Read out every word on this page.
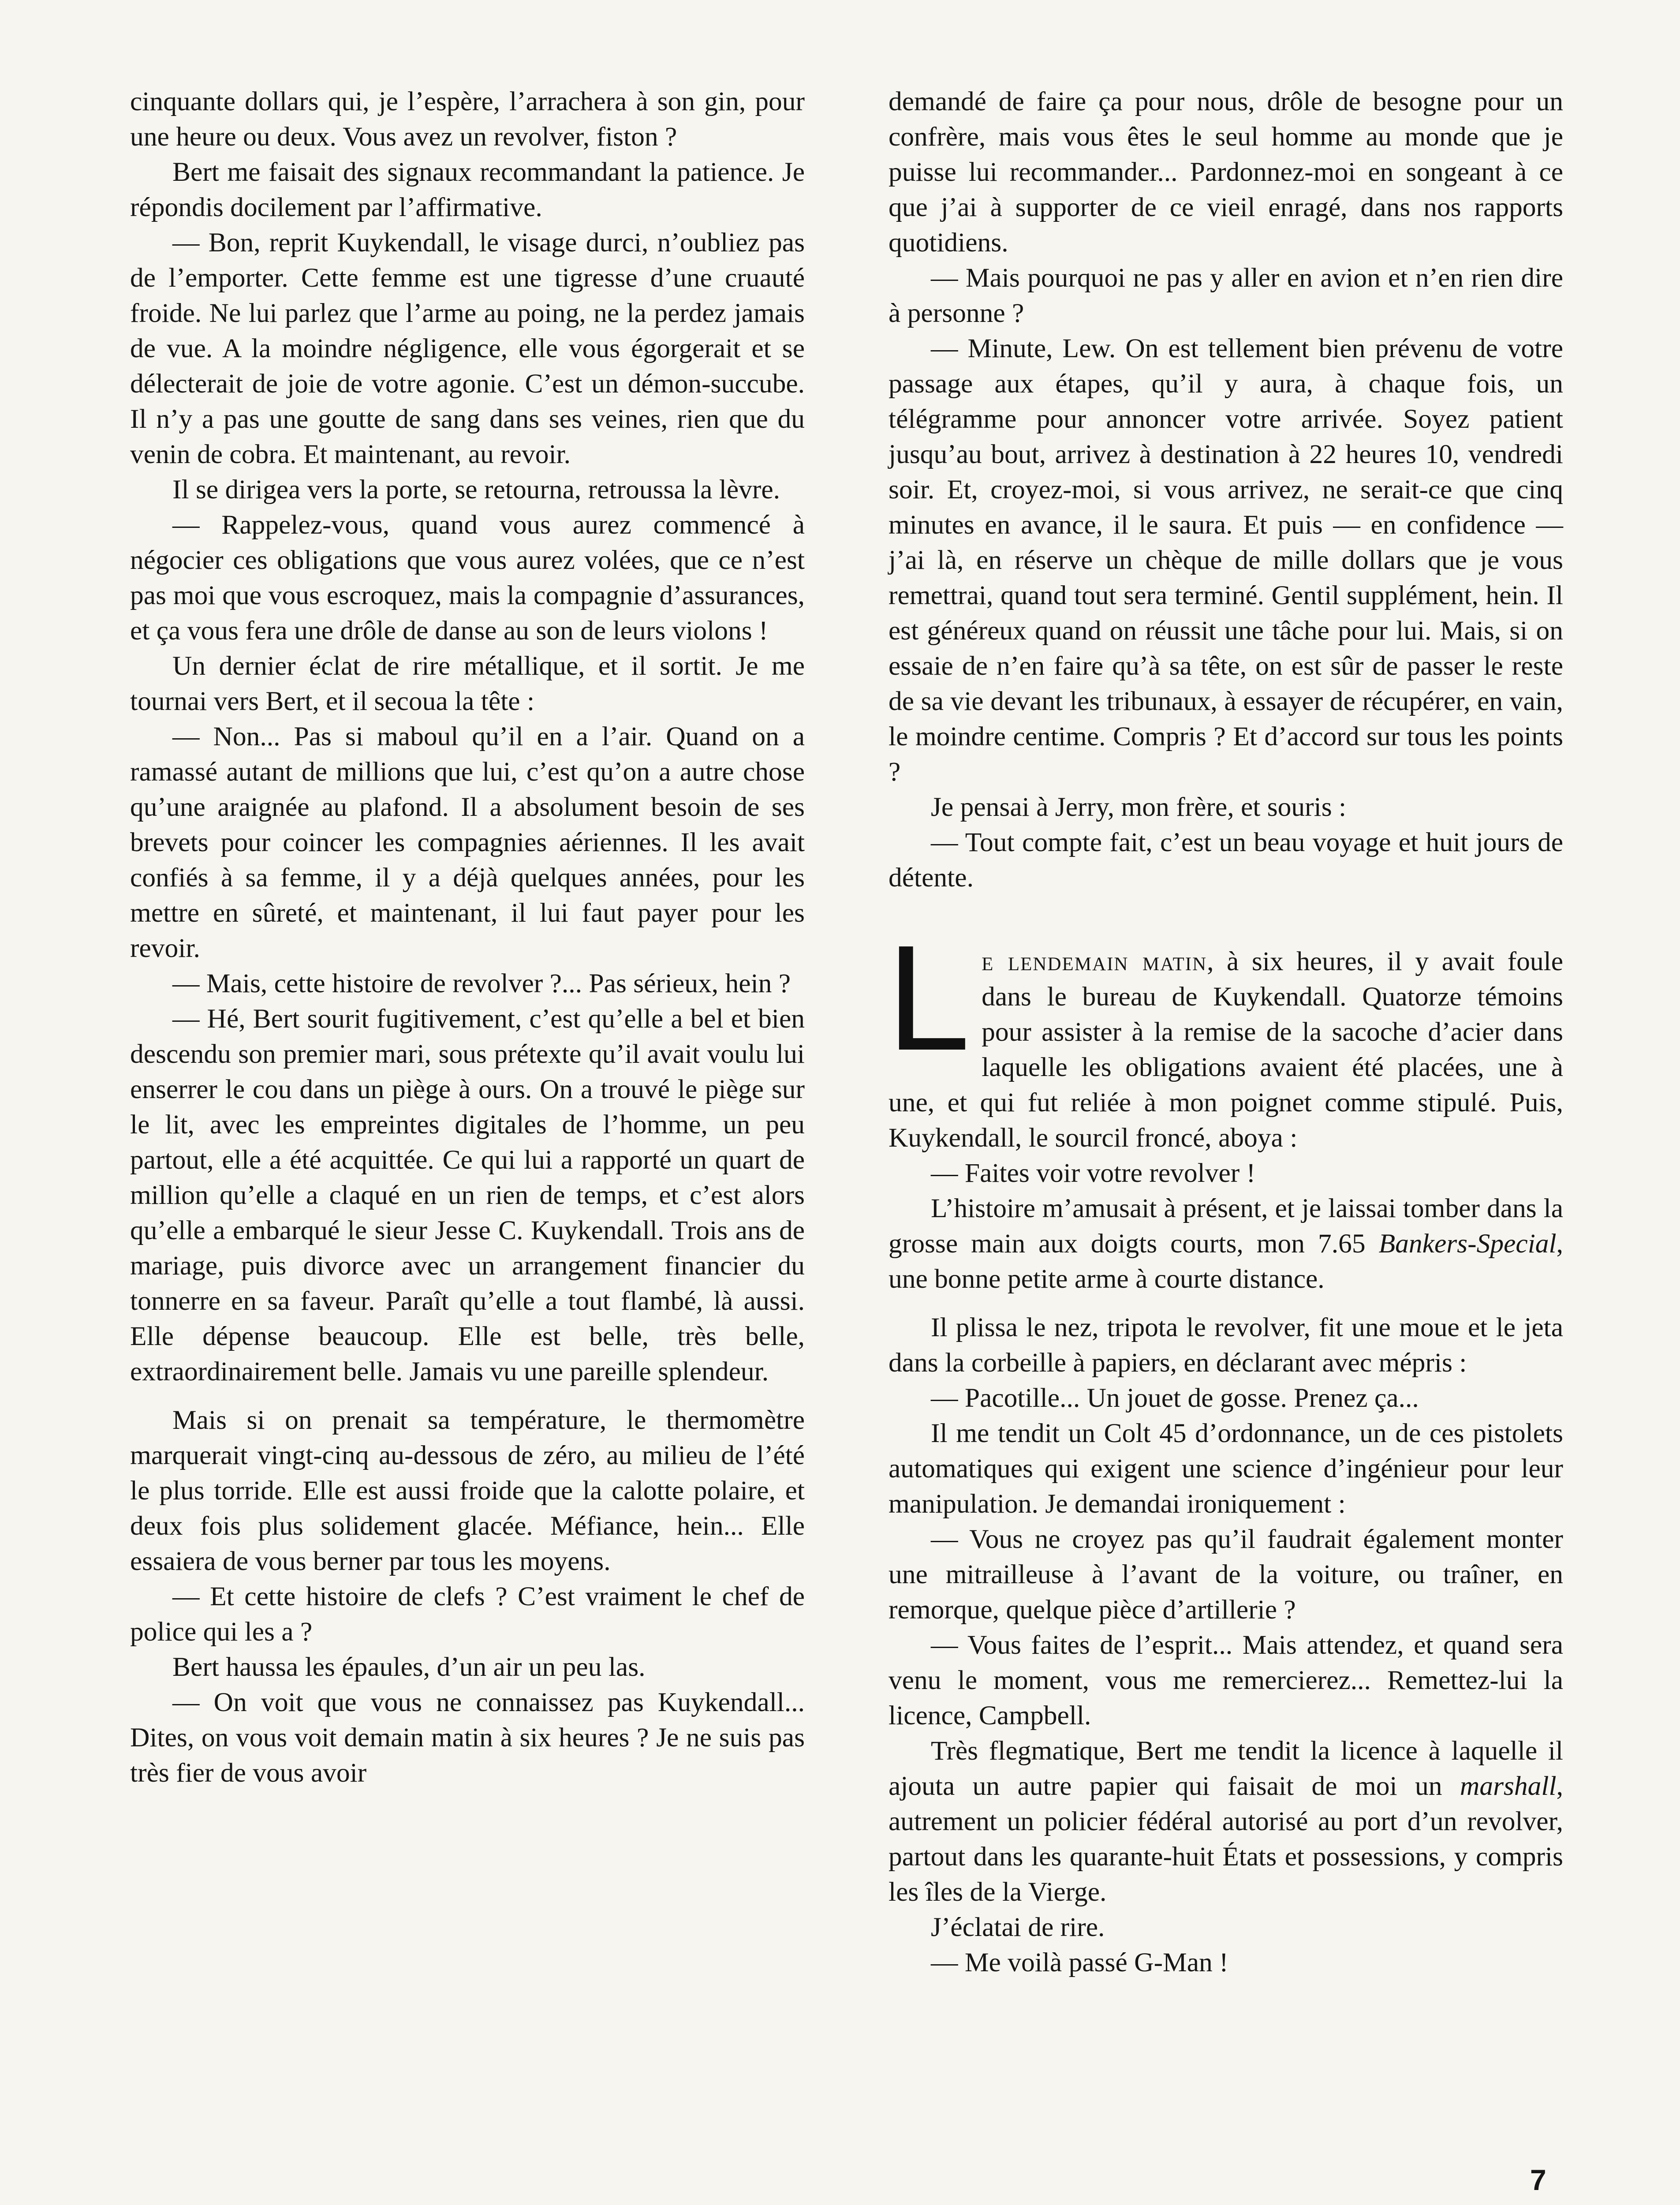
cinquante dollars qui, je l’espère, l’arrachera à son gin, pour une heure ou deux. Vous avez un revolver, fiston ?

Bert me faisait des signaux recommandant la patience. Je répondis docilement par l’affirmative.

— Bon, reprit Kuykendall, le visage durci, n’oubliez pas de l’emporter. Cette femme est une tigresse d’une cruauté froide. Ne lui parlez que l’arme au poing, ne la perdez jamais de vue. A la moindre négligence, elle vous égorgerait et se délecterait de joie de votre agonie. C’est un démon-succube. Il n’y a pas une goutte de sang dans ses veines, rien que du venin de cobra. Et maintenant, au revoir.

Il se dirigea vers la porte, se retourna, retroussa la lèvre.

— Rappelez-vous, quand vous aurez commencé à négocier ces obligations que vous aurez volées, que ce n’est pas moi que vous escroquez, mais la compagnie d’assurances, et ça vous fera une drôle de danse au son de leurs violons !

Un dernier éclat de rire métallique, et il sortit. Je me tournai vers Bert, et il secoua la tête :

— Non... Pas si maboul qu’il en a l’air. Quand on a ramassé autant de millions que lui, c’est qu’on a autre chose qu’une araignée au plafond. Il a absolument besoin de ses brevets pour coincer les compagnies aériennes. Il les avait confiés à sa femme, il y a déjà quelques années, pour les mettre en sûreté, et maintenant, il lui faut payer pour les revoir.

— Mais, cette histoire de revolver ?... Pas sérieux, hein ?

— Hé, Bert sourit fugitivement, c’est qu’elle a bel et bien descendu son premier mari, sous prétexte qu’il avait voulu lui enserrer le cou dans un piège à ours. On a trouvé le piège sur le lit, avec les empreintes digitales de l’homme, un peu partout, elle a été acquittée. Ce qui lui a rapporté un quart de million qu’elle a claqué en un rien de temps, et c’est alors qu’elle a embarqué le sieur Jesse C. Kuykendall. Trois ans de mariage, puis divorce avec un arrangement financier du tonnerre en sa faveur. Paraît qu’elle a tout flambé, là aussi. Elle dépense beaucoup. Elle est belle, très belle, extraordinairement belle. Jamais vu une pareille splendeur.

Mais si on prenait sa température, le thermomètre marquerait vingt-cinq au-dessous de zéro, au milieu de l’été le plus torride. Elle est aussi froide que la calotte polaire, et deux fois plus solidement glacée. Méfiance, hein... Elle essaiera de vous berner par tous les moyens.

— Et cette histoire de clefs ? C’est vraiment le chef de police qui les a ?

Bert haussa les épaules, d’un air un peu las.

— On voit que vous ne connaissez pas Kuykendall... Dites, on vous voit demain matin à six heures ? Je ne suis pas très fier de vous avoir

demandé de faire ça pour nous, drôle de besogne pour un confrère, mais vous êtes le seul homme au monde que je puisse lui recommander... Pardonnez-moi en songeant à ce que j’ai à supporter de ce vieil enragé, dans nos rapports quotidiens.

— Mais pourquoi ne pas y aller en avion et n’en rien dire à personne ?

— Minute, Lew. On est tellement bien prévenu de votre passage aux étapes, qu’il y aura, à chaque fois, un télégramme pour annoncer votre arrivée. Soyez patient jusqu’au bout, arrivez à destination à 22 heures 10, vendredi soir. Et, croyez-moi, si vous arrivez, ne serait-ce que cinq minutes en avance, il le saura. Et puis — en confidence — j’ai là, en réserve un chèque de mille dollars que je vous remettrai, quand tout sera terminé. Gentil supplément, hein. Il est généreux quand on réussit une tâche pour lui. Mais, si on essaie de n’en faire qu’à sa tête, on est sûr de passer le reste de sa vie devant les tribunaux, à essayer de récupérer, en vain, le moindre centime. Compris ? Et d’accord sur tous les points ?

Je pensai à Jerry, mon frère, et souris :

— Tout compte fait, c’est un beau voyage et huit jours de détente.

Le lendemain matin, à six heures, il y avait foule dans le bureau de Kuykendall. Quatorze témoins pour assister à la remise de la sacoche d’acier dans laquelle les obligations avaient été placées, une à une, et qui fut reliée à mon poignet comme stipulé. Puis, Kuykendall, le sourcil froncé, aboya :

— Faites voir votre revolver !

L’histoire m’amusait à présent, et je laissai tomber dans la grosse main aux doigts courts, mon 7.65 Bankers-Special, une bonne petite arme à courte distance.

Il plissa le nez, tripota le revolver, fit une moue et le jeta dans la corbeille à papiers, en déclarant avec mépris :

— Pacotille... Un jouet de gosse. Prenez ça...

Il me tendit un Colt 45 d’ordonnance, un de ces pistolets automatiques qui exigent une science d’ingénieur pour leur manipulation. Je demandai ironiquement :

— Vous ne croyez pas qu’il faudrait également monter une mitrailleuse à l’avant de la voiture, ou traîner, en remorque, quelque pièce d’artillerie ?

— Vous faites de l’esprit... Mais attendez, et quand sera venu le moment, vous me remercierez... Remettez-lui la licence, Campbell.

Très flegmatique, Bert me tendit la licence à laquelle il ajouta un autre papier qui faisait de moi un marshall, autrement un policier fédéral autorisé au port d’un revolver, partout dans les quarante-huit États et possessions, y compris les îles de la Vierge.

J’éclatai de rire.

— Me voilà passé G-Man !

7
